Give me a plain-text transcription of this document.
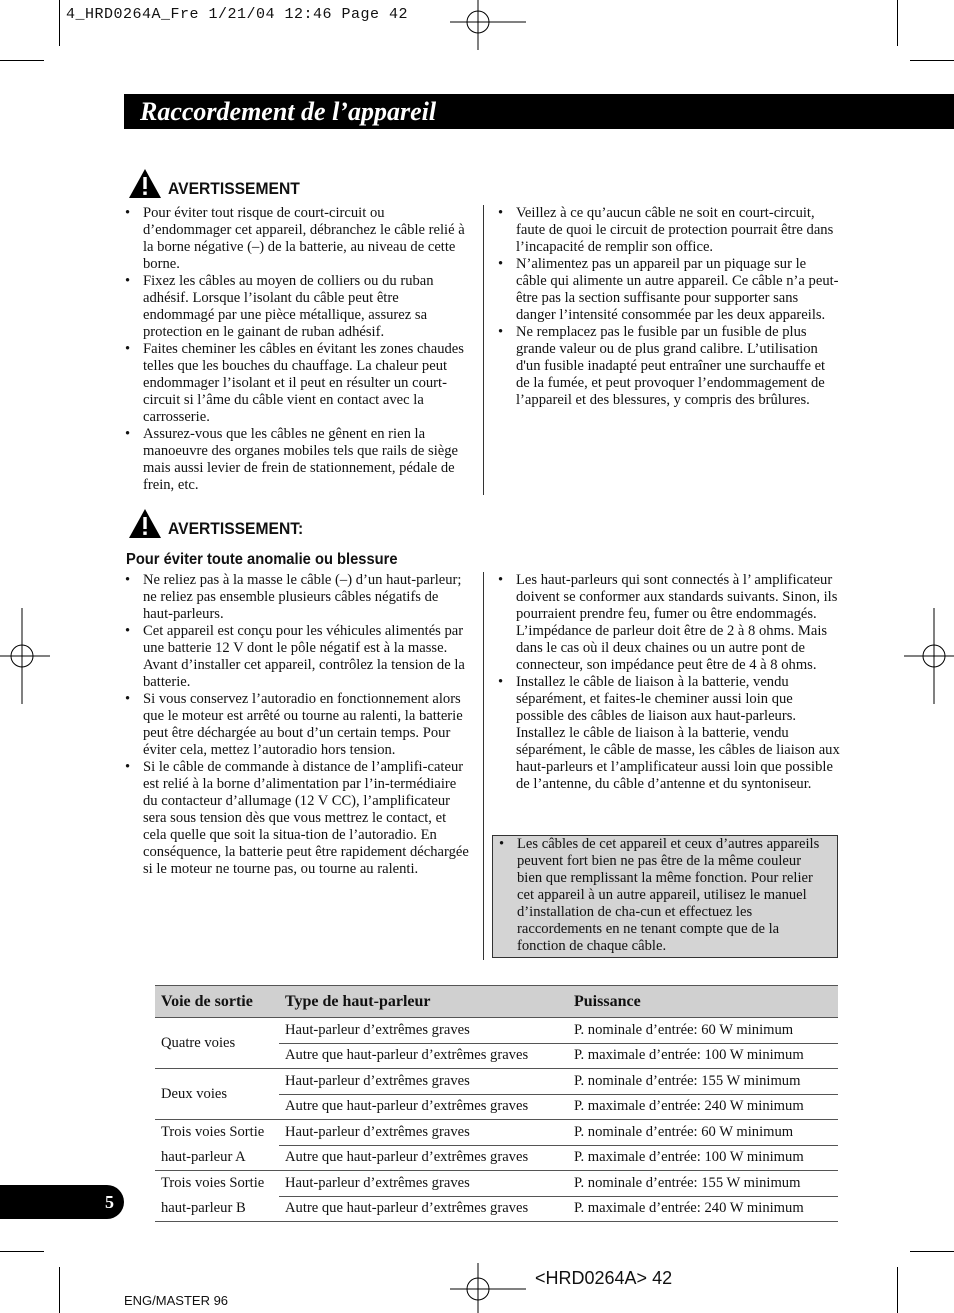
4_HRD0264A_Fre 1/21/04 12:46 Page 42
Raccordement de l’appareil
AVERTISSEMENT
• Pour éviter tout risque de court-circuit ou d’endommager cet appareil, débranchez le câble relié à la borne négative (–) de la batterie, au niveau de cette borne.
• Fixez les câbles au moyen de colliers ou du ruban adhésif. Lorsque l’isolant du câble peut être endommagé par une pièce métallique, assurez sa protection en le gainant de ruban adhésif.
• Faites cheminer les câbles en évitant les zones chaudes telles que les bouches du chauffage. La chaleur peut endommager l’isolant et il peut en résulter un court-circuit si l’âme du câble vient en contact avec la carrosserie.
• Assurez-vous que les câbles ne gênent en rien la manoeuvre des organes mobiles tels que rails de siège mais aussi levier de frein de stationnement, pédale de frein, etc.
• Veillez à ce qu’aucun câble ne soit en court-circuit, faute de quoi le circuit de protection pourrait être dans l’incapacité de remplir son office.
• N’alimentez pas un appareil par un piquage sur le câble qui alimente un autre appareil. Ce câble n’a peut-être pas la section suffisante pour supporter sans danger l’intensité consommée par les deux appareils.
• Ne remplacez pas le fusible par un fusible de plus grande valeur ou de plus grand calibre. L’utilisation d'un fusible inadapté peut entraîner une surchauffe et de la fumée, et peut provoquer l’endommagement de l’appareil et des blessures, y compris des brûlures.
AVERTISSEMENT:
Pour éviter toute anomalie ou blessure
• Ne reliez pas à la masse le câble (–) d’un haut-parleur; ne reliez pas ensemble plusieurs câbles négatifs de haut-parleurs.
• Cet appareil est conçu pour les véhicules alimentés par une batterie 12 V dont le pôle négatif est à la masse. Avant d’installer cet appareil, contrôlez la tension de la batterie.
• Si vous conservez l’autoradio en fonctionnement alors que le moteur est arrêté ou tourne au ralenti, la batterie peut être déchargée au bout d’un certain temps. Pour éviter cela, mettez l’autoradio hors tension.
• Si le câble de commande à distance de l’amplifi-cateur est relié à la borne d’alimentation par l’in-termédiaire du contacteur d’allumage (12 V CC), l’amplificateur sera sous tension dès que vous mettrez le contact, et cela quelle que soit la situa-tion de l’autoradio. En conséquence, la batterie peut être rapidement déchargée si le moteur ne tourne pas, ou tourne au ralenti.
• Les haut-parleurs qui sont connectés à l’ amplificateur doivent se conformer aux standards suivants. Sinon, ils pourraient prendre feu, fumer ou être endommagés. L’impédance de parleur doit être de 2 à 8 ohms. Mais dans le cas où il deux chaines ou un autre pont de connecteur, son impédance peut être de 4 à 8 ohms.
• Installez le câble de liaison à la batterie, vendu séparément, et faites-le cheminer aussi loin que possible des câbles de liaison aux haut-parleurs. Installez le câble de liaison à la batterie, vendu séparément, le câble de masse, les câbles de liaison aux haut-parleurs et l’amplificateur aussi loin que possible de l’antenne, du câble d’antenne et du syntoniseur.
• Les câbles de cet appareil et ceux d’autres appareils peuvent fort bien ne pas être de la même couleur bien que remplissant la même fonction. Pour relier cet appareil à un autre appareil, utilisez le manuel d’installation de cha-cun et effectuez les raccordements en ne tenant compte que de la fonction de chaque câble.
Voie de sortie	Type de haut-parleur	Puissance
Quatre voies	Haut-parleur d’extrêmes graves	P. nominale d’entrée: 60 W minimum
	Autre que haut-parleur d’extrêmes graves	P. maximale d’entrée: 100 W minimum
Deux voies	Haut-parleur d’extrêmes graves	P. nominale d’entrée: 155 W minimum
	Autre que haut-parleur d’extrêmes graves	P. maximale d’entrée: 240 W minimum
Trois voies Sortie	Haut-parleur d’extrêmes graves	P. nominale d’entrée: 60 W minimum
haut-parleur A	Autre que haut-parleur d’extrêmes graves	P. maximale d’entrée: 100 W minimum
Trois voies Sortie	Haut-parleur d’extrêmes graves	P. nominale d’entrée: 155 W minimum
haut-parleur B	Autre que haut-parleur d’extrêmes graves	P. maximale d’entrée: 240 W minimum
5
<HRD0264A> 42
ENG/MASTER 96
